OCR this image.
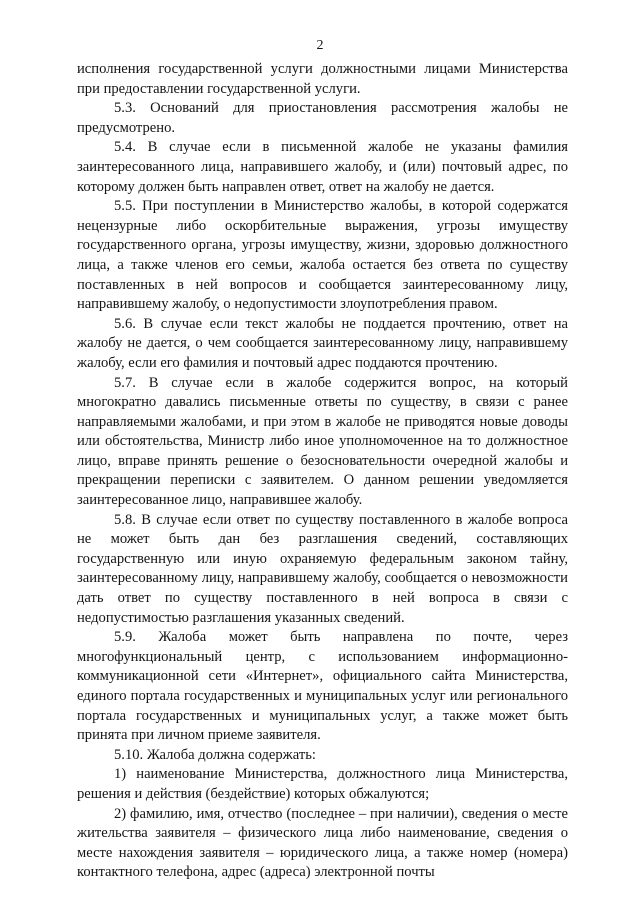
2

исполнения государственной услуги должностными лицами Министерства при предоставлении государственной услуги.

5.3. Оснований для приостановления рассмотрения жалобы не предусмотрено.

5.4. В случае если в письменной жалобе не указаны фамилия заинтересованного лица, направившего жалобу, и (или) почтовый адрес, по которому должен быть направлен ответ, ответ на жалобу не дается.

5.5. При поступлении в Министерство жалобы, в которой содержатся нецензурные либо оскорбительные выражения, угрозы имуществу государственного органа, угрозы имуществу, жизни, здоровью должностного лица, а также членов его семьи, жалоба остается без ответа по существу поставленных в ней вопросов и сообщается заинтересованному лицу, направившему жалобу, о недопустимости злоупотребления правом.

5.6. В случае если текст жалобы не поддается прочтению, ответ на жалобу не дается, о чем сообщается заинтересованному лицу, направившему жалобу, если его фамилия и почтовый адрес поддаются прочтению.

5.7. В случае если в жалобе содержится вопрос, на который многократно давались письменные ответы по существу, в связи с ранее направляемыми жалобами, и при этом в жалобе не приводятся новые доводы или обстоятельства, Министр либо иное уполномоченное на то должностное лицо, вправе принять решение о безосновательности очередной жалобы и прекращении переписки с заявителем. О данном решении уведомляется заинтересованное лицо, направившее жалобу.

5.8. В случае если ответ по существу поставленного в жалобе вопроса не может быть дан без разглашения сведений, составляющих государственную или иную охраняемую федеральным законом тайну, заинтересованному лицу, направившему жалобу, сообщается о невозможности дать ответ по существу поставленного в ней вопроса в связи с недопустимостью разглашения указанных сведений.

5.9. Жалоба может быть направлена по почте, через многофункциональный центр, с использованием информационно-коммуникационной сети «Интернет», официального сайта Министерства, единого портала государственных и муниципальных услуг или регионального портала государственных и муниципальных услуг, а также может быть принята при личном приеме заявителя.

5.10. Жалоба должна содержать:

1) наименование Министерства, должностного лица Министерства, решения и действия (бездействие) которых обжалуются;

2) фамилию, имя, отчество (последнее – при наличии), сведения о месте жительства заявителя – физического лица либо наименование, сведения о месте нахождения заявителя – юридического лица, а также номер (номера) контактного телефона, адрес (адреса) электронной почты
